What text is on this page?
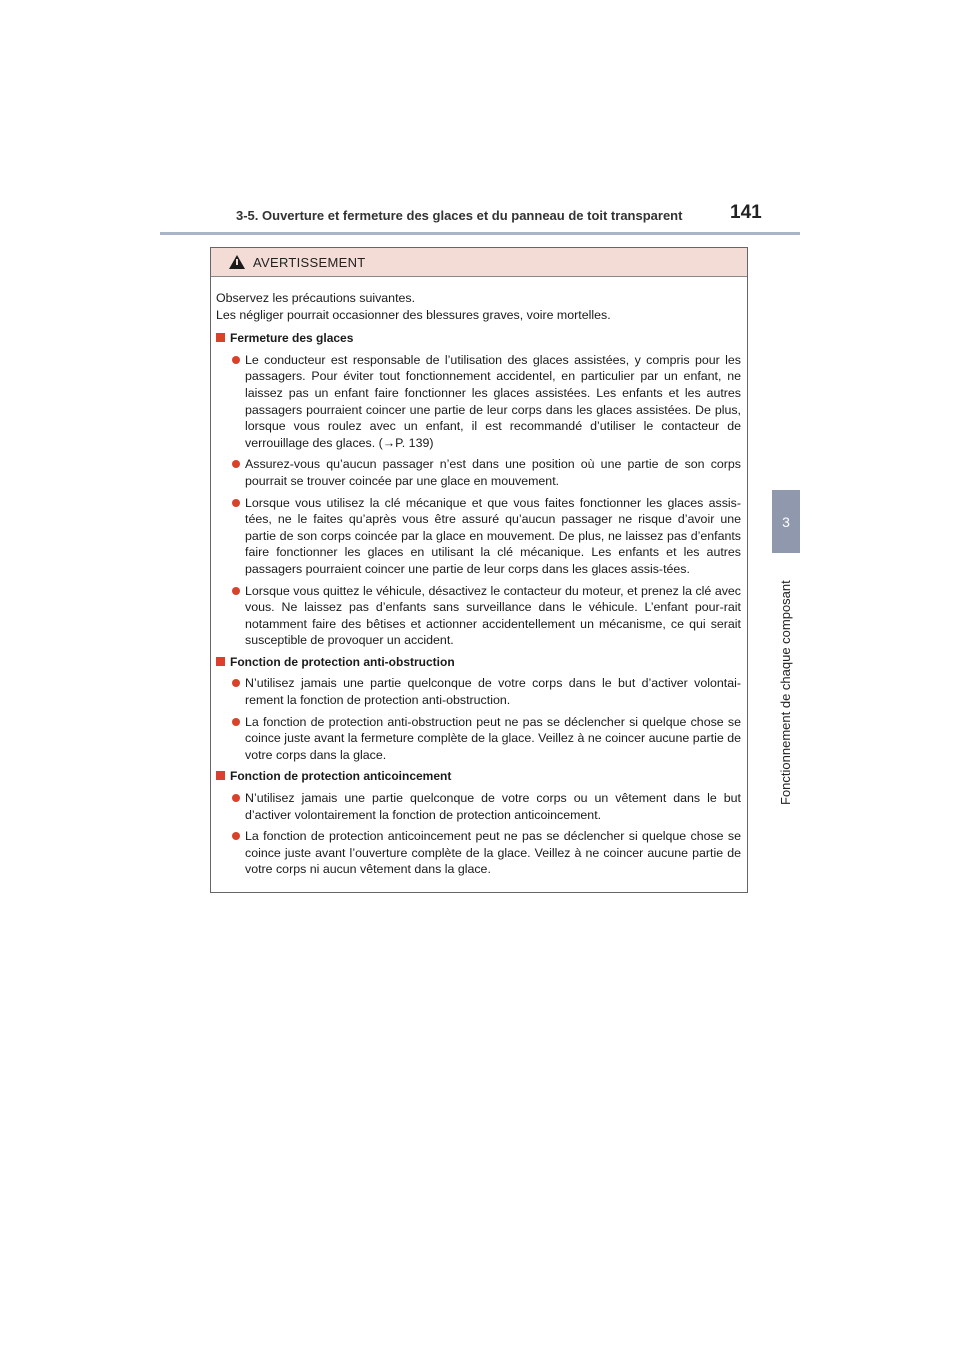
3-5. Ouverture et fermeture des glaces et du panneau de toit transparent	141
3
Fonctionnement de chaque composant
AVERTISSEMENT
Observez les précautions suivantes.
Les négliger pourrait occasionner des blessures graves, voire mortelles.
Fermeture des glaces
Le conducteur est responsable de l’utilisation des glaces assistées, y compris pour les passagers. Pour éviter tout fonctionnement accidentel, en particulier par un enfant, ne laissez pas un enfant faire fonctionner les glaces assistées. Les enfants et les autres passagers pourraient coincer une partie de leur corps dans les glaces assistées. De plus, lorsque vous roulez avec un enfant, il est recommandé d’utiliser le contacteur de verrouillage des glaces. (→P. 139)
Assurez-vous qu’aucun passager n’est dans une position où une partie de son corps pourrait se trouver coincée par une glace en mouvement.
Lorsque vous utilisez la clé mécanique et que vous faites fonctionner les glaces assis-tées, ne le faites qu’après vous être assuré qu’aucun passager ne risque d’avoir une partie de son corps coincée par la glace en mouvement. De plus, ne laissez pas d’enfants faire fonctionner les glaces en utilisant la clé mécanique. Les enfants et les autres passagers pourraient coincer une partie de leur corps dans les glaces assis-tées.
Lorsque vous quittez le véhicule, désactivez le contacteur du moteur, et prenez la clé avec vous. Ne laissez pas d’enfants sans surveillance dans le véhicule. L’enfant pour-rait notamment faire des bêtises et actionner accidentellement un mécanisme, ce qui serait susceptible de provoquer un accident.
Fonction de protection anti-obstruction
N’utilisez jamais une partie quelconque de votre corps dans le but d’activer volontai-rement la fonction de protection anti-obstruction.
La fonction de protection anti-obstruction peut ne pas se déclencher si quelque chose se coince juste avant la fermeture complète de la glace. Veillez à ne coincer aucune partie de votre corps dans la glace.
Fonction de protection anticoincement
N’utilisez jamais une partie quelconque de votre corps ou un vêtement dans le but d’activer volontairement la fonction de protection anticoincement.
La fonction de protection anticoincement peut ne pas se déclencher si quelque chose se coince juste avant l’ouverture complète de la glace. Veillez à ne coincer aucune partie de votre corps ni aucun vêtement dans la glace.
